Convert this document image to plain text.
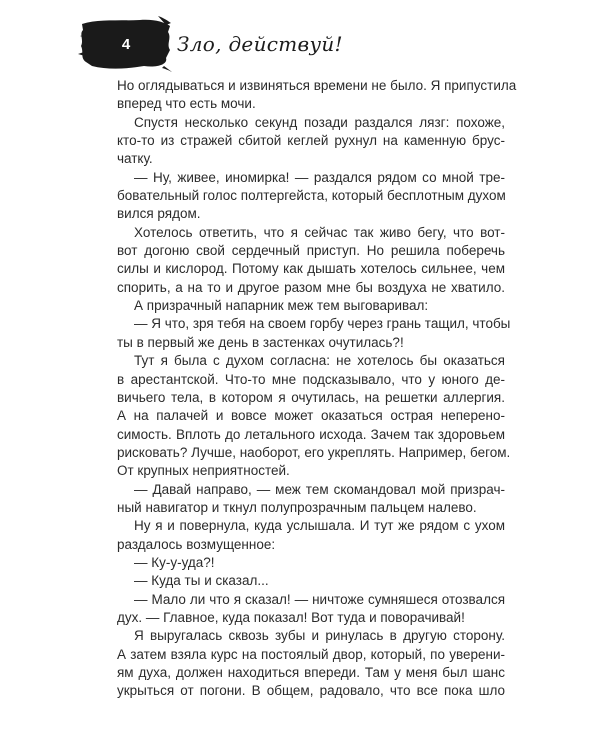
4 Зло, действуй!
Но оглядываться и извиняться времени не было. Я припустила
вперед что есть мочи.
Спустя несколько секунд позади раздался лязг: похоже,
кто-то из стражей сбитой кеглей рухнул на каменную брус-
чатку.
— Ну, живее, иномирка! — раздался рядом со мной тре-
бовательный голос полтергейста, который бесплотным духом
вился рядом.
Хотелось ответить, что я сейчас так живо бегу, что вот-
вот догоню свой сердечный приступ. Но решила поберечь
силы и кислород. Потому как дышать хотелось сильнее, чем
спорить, а на то и другое разом мне бы воздуха не хватило.
А призрачный напарник меж тем выговаривал:
— Я что, зря тебя на своем горбу через грань тащил, чтобы
ты в первый же день в застенках очутилась?!
Тут я была с духом согласна: не хотелось бы оказаться
в арестантской. Что-то мне подсказывало, что у юного де-
вичьего тела, в котором я очутилась, на решетки аллергия.
А на палачей и вовсе может оказаться острая неперено-
симость. Вплоть до летального исхода. Зачем так здоровьем
рисковать? Лучше, наоборот, его укреплять. Например, бегом.
От крупных неприятностей.
— Давай направо, — меж тем скомандовал мой призрач-
ный навигатор и ткнул полупрозрачным пальцем налево.
Ну я и повернула, куда услышала. И тут же рядом с ухом
раздалось возмущенное:
— Ку-у-уда?!
— Куда ты и сказал...
— Мало ли что я сказал! — ничтоже сумняшеся отозвался
дух. — Главное, куда показал! Вот туда и поворачивай!
Я выругалась сквозь зубы и ринулась в другую сторону.
А затем взяла курс на постоялый двор, который, по уверени-
ям духа, должен находиться впереди. Там у меня был шанс
укрыться от погони. В общем, радовало, что все пока шло
